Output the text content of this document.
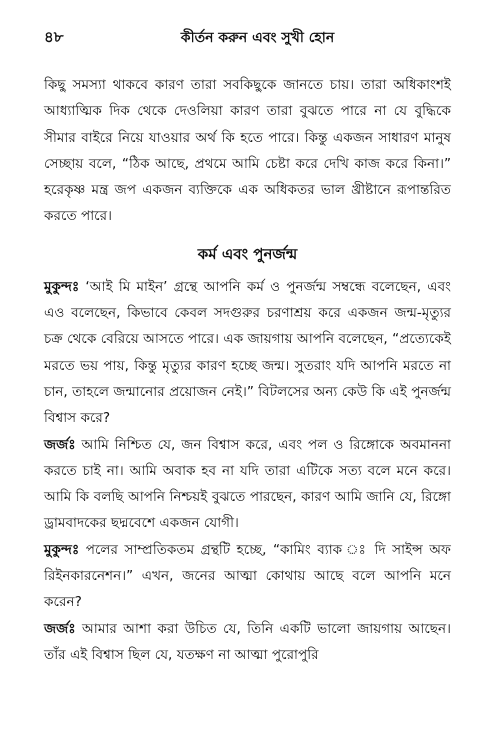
৪৮	কীর্তন করুন এবং সুখী হোন

কিছু সমস্যা থাকবে কারণ তারা সবকিছুকে জানতে চায়। তারা অধিকাংশই আধ্যাত্মিক দিক থেকে দেওলিয়া কারণ তারা বুঝতে পারে না যে বুদ্ধিকে সীমার বাইরে নিয়ে যাওয়ার অর্থ কি হতে পারে। কিন্তু একজন সাধারণ মানুষ সেচ্ছায় বলে, “ঠিক আছে, প্রথমে আমি চেষ্টা করে দেখি কাজ করে কিনা।” হরেকৃষ্ণ মন্ত্র জপ একজন ব্যক্তিকে এক অধিকতর ভাল খ্রীষ্টানে রূপান্তরিত করতে পারে।

কর্ম এবং পুনর্জন্ম

মুকুন্দঃ ‘আই মি মাইন’ গ্রন্থে আপনি কর্ম ও পুনর্জন্ম সম্বন্ধে বলেছেন, এবং এও বলেছেন, কিভাবে কেবল সদগুরুর চরণাশ্রয় করে একজন জন্ম-মৃত্যুর চক্র থেকে বেরিয়ে আসতে পারে। এক জায়গায় আপনি বলেছেন, “প্রত্যেকেই মরতে ভয় পায়, কিন্তু মৃত্যুর কারণ হচ্ছে জন্ম। সুতরাং যদি আপনি মরতে না চান, তাহলে জন্মানোর প্রয়োজন নেই।” বিটলসের অন্য কেউ কি এই পুনর্জন্ম বিশ্বাস করে?

জর্জঃ আমি নিশ্চিত যে, জন বিশ্বাস করে, এবং পল ও রিঙ্গোকে অবমাননা করতে চাই না। আমি অবাক হব না যদি তারা এটিকে সত্য বলে মনে করে। আমি কি বলছি আপনি নিশ্চয়ই বুঝতে পারছেন, কারণ আমি জানি যে, রিঙ্গো ড্রামবাদকের ছদ্মবেশে একজন যোগী।

মুকুন্দঃ পলের সাম্প্রতিকতম গ্রন্থটি হচ্ছে, “কামিং ব্যাক ঃ দি সাইন্স অফ রিইনকারনেশন।” এখন, জনের আত্মা কোথায় আছে বলে আপনি মনে করেন?

জর্জঃ আমার আশা করা উচিত যে, তিনি একটি ভালো জায়গায় আছেন। তাঁর এই বিশ্বাস ছিল যে, যতক্ষণ না আত্মা পুরোপুরি
